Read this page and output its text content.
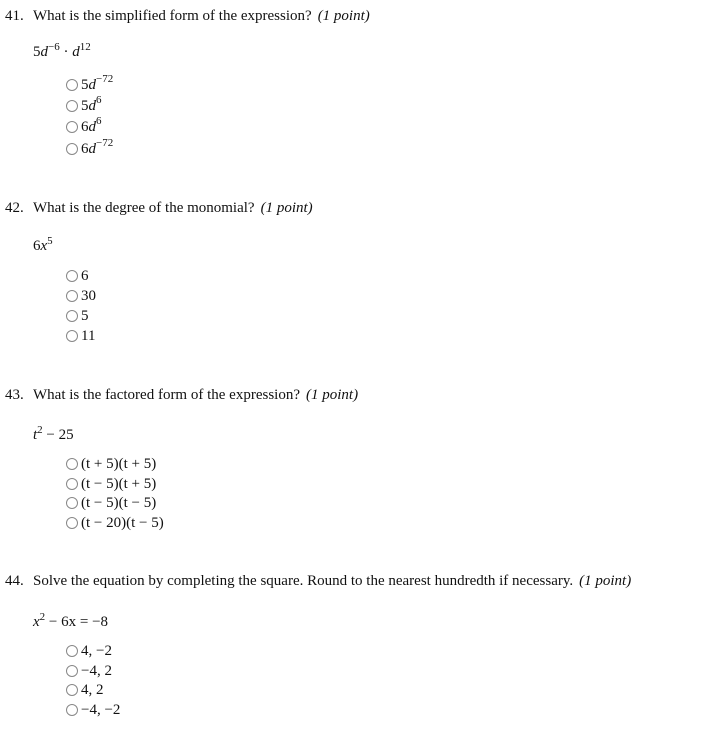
41. What is the simplified form of the expression? (1 point)
5d−6 · d12
5 d −72
5 d 6
6 d 6
6 d −72
42. What is the degree of the monomial? (1 point)
6x5
6
30
5
11
43. What is the factored form of the expression? (1 point)
t2 − 25
(t + 5)(t + 5)
(t − 5)(t + 5)
(t − 5)(t − 5)
(t − 20)(t − 5)
44. Solve the equation by completing the square. Round to the nearest hundredth if necessary. (1 point)
x2 − 6x = −8
4, −2
−4, 2
4, 2
−4, −2
